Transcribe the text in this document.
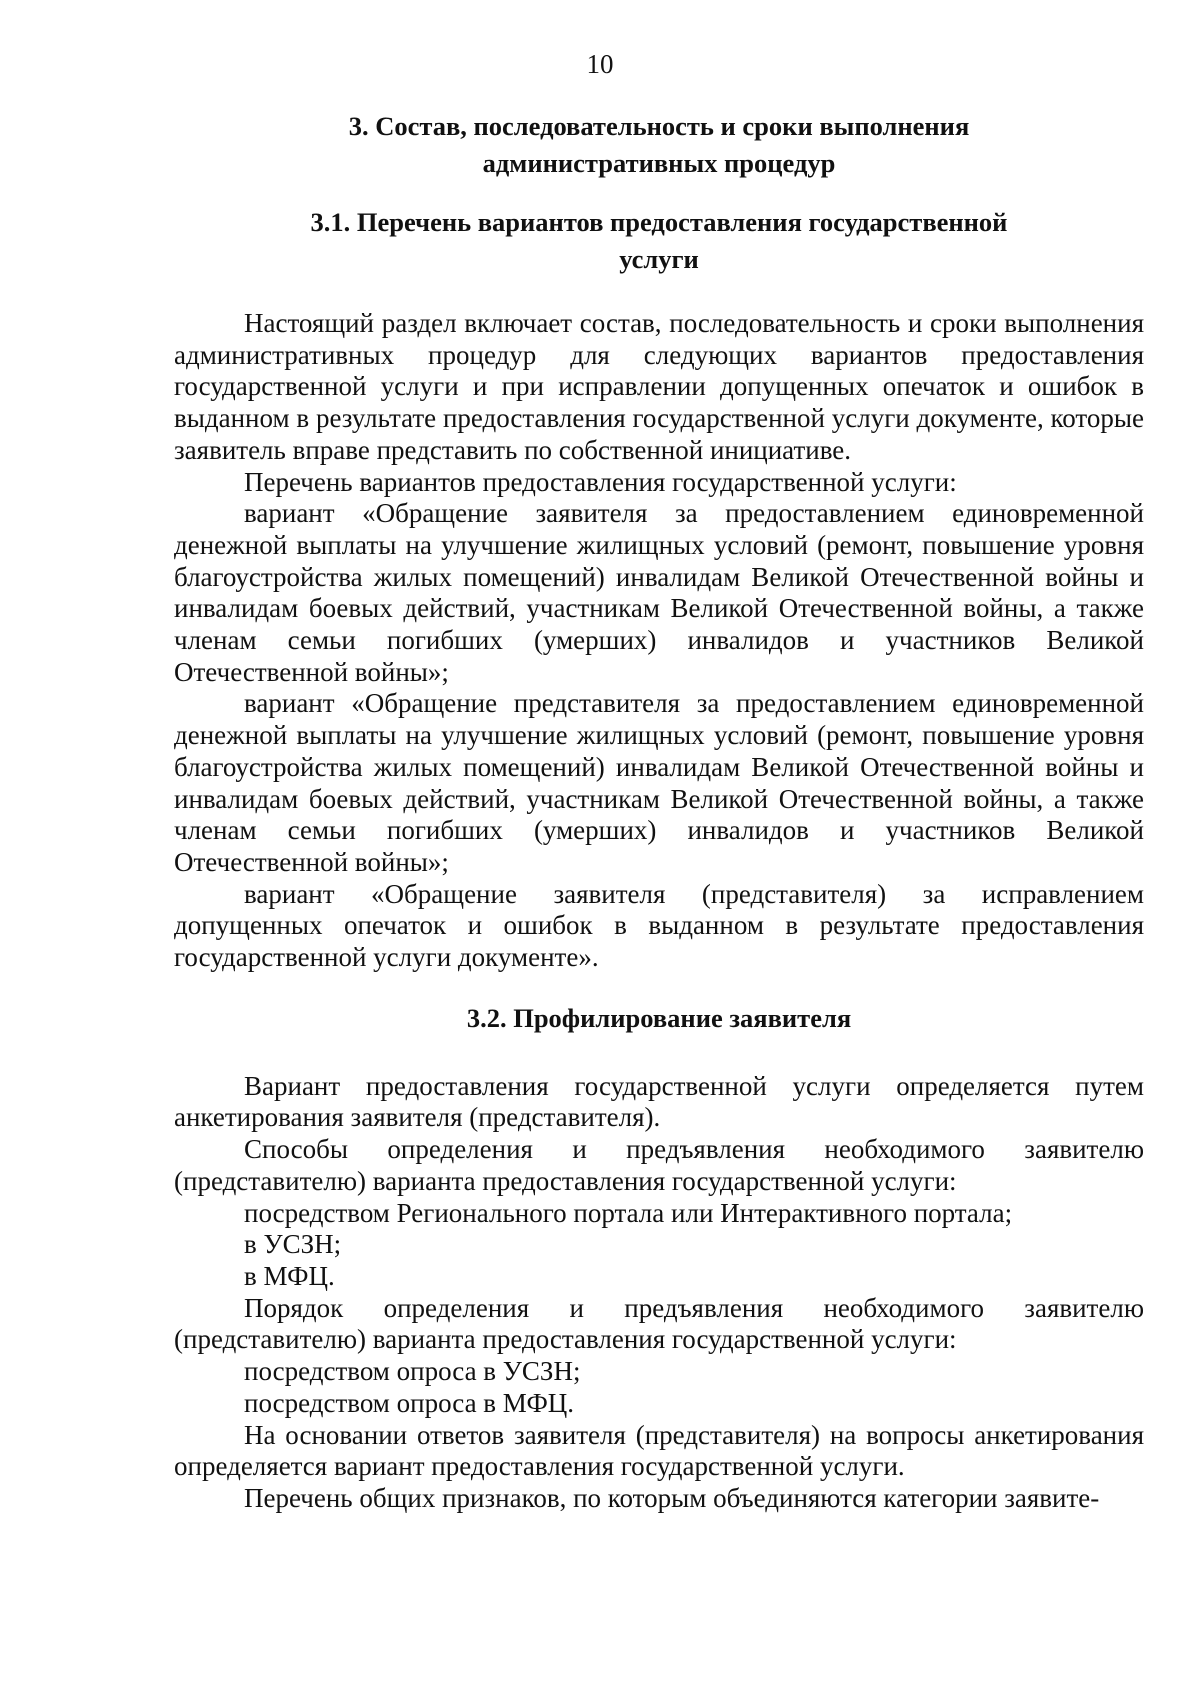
10
3. Состав, последовательность и сроки выполнения
административных процедур
3.1. Перечень вариантов предоставления государственной
услуги

Настоящий раздел включает состав, последовательность и сроки выполнения административных процедур для следующих вариантов предоставления государственной услуги и при исправлении допущенных опечаток и ошибок в выданном в результате предоставления государственной услуги документе, которые заявитель вправе представить по собственной инициативе.

Перечень вариантов предоставления государственной услуги:

вариант «Обращение заявителя за предоставлением единовременной денежной выплаты на улучшение жилищных условий (ремонт, повышение уровня благоустройства жилых помещений) инвалидам Великой Отечественной войны и инвалидам боевых действий, участникам Великой Отечественной войны, а также членам семьи погибших (умерших) инвалидов и участников Великой Отечественной войны»;

вариант «Обращение представителя за предоставлением единовременной денежной выплаты на улучшение жилищных условий (ремонт, повышение уровня благоустройства жилых помещений) инвалидам Великой Отечественной войны и инвалидам боевых действий, участникам Великой Отечественной войны, а также членам семьи погибших (умерших) инвалидов и участников Великой Отечественной войны»;

вариант «Обращение заявителя (представителя) за исправлением допущенных опечаток и ошибок в выданном в результате предоставления государственной услуги документе».

3.2. Профилирование заявителя

Вариант предоставления государственной услуги определяется путем анкетирования заявителя (представителя).

Способы определения и предъявления необходимого заявителю (представителю) варианта предоставления государственной услуги:

посредством Регионального портала или Интерактивного портала;

в УСЗН;

в МФЦ.

Порядок определения и предъявления необходимого заявителю (представителю) варианта предоставления государственной услуги:

посредством опроса в УСЗН;

посредством опроса в МФЦ.

На основании ответов заявителя (представителя) на вопросы анкетирования определяется вариант предоставления государственной услуги.

Перечень общих признаков, по которым объединяются категории заявите-
